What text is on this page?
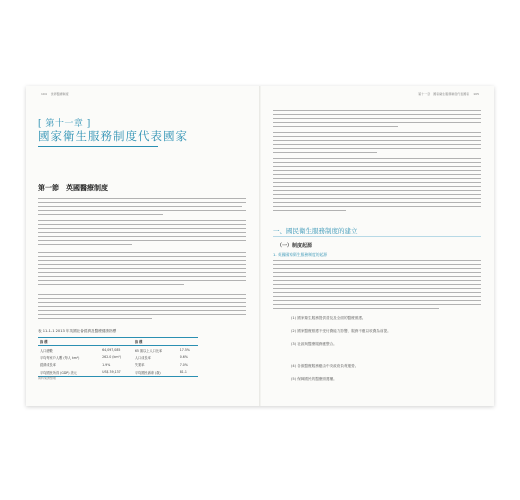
104 世界醫療制度
[ 第十一章 ]
國家衛生服務制度代表國家
第一節　英國醫療制度
表 11-1-1 2013 年英國社會經濟及醫療健康指標
指 標		指 標	
人口總數	64,097,085	65 歲以上人口比率	17.5%
平均每家戶人數 (每人 km²)	262.0 (km²)	人口成長率	0.6%
經濟成長率	1.9%	失業率	7.0%
平均國民所得 (GDP) 美元	US$ 39,137	平均國民壽命 (歲)	81.1
資料來源整理
第十一章　國家衛生服務制度代表國家 105
一、國民衛生服務制度的建立
（一）制度起源
1. 英國國家衛生服務制度的起源
(1) 國家衛生服務提供普及及全面的醫療照護。
(2) 國家醫療照護不受付費能力影響，服務不應以收費為前提。
(3) 社區與醫療服務應整合。
(4) 各級醫療服務應由中央政府負責運營。
(5) 保障國民的醫療照護權。
